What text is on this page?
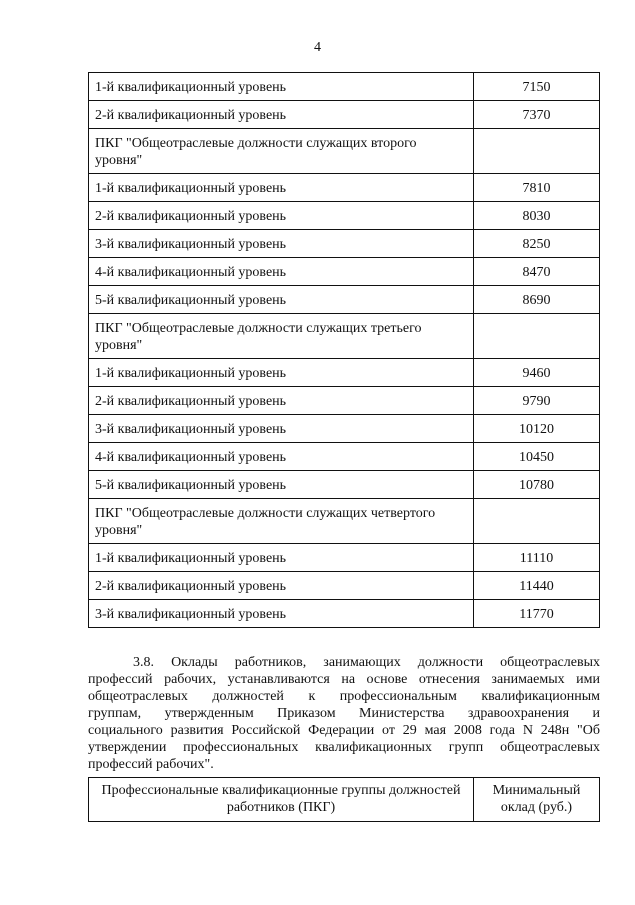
4
1-й квалификационный уровень	7150
2-й квалификационный уровень	7370
ПКГ "Общеотраслевые должности служащих второго уровня"	
1-й квалификационный уровень	7810
2-й квалификационный уровень	8030
3-й квалификационный уровень	8250
4-й квалификационный уровень	8470
5-й квалификационный уровень	8690
ПКГ "Общеотраслевые должности служащих третьего уровня"	
1-й квалификационный уровень	9460
2-й квалификационный уровень	9790
3-й квалификационный уровень	10120
4-й квалификационный уровень	10450
5-й квалификационный уровень	10780
ПКГ "Общеотраслевые должности служащих четвертого уровня"	
1-й квалификационный уровень	11110
2-й квалификационный уровень	11440
3-й квалификационный уровень	11770
3.8. Оклады работников, занимающих должности общеотраслевых
профессий рабочих, устанавливаются на основе отнесения занимаемых ими
общеотраслевых должностей к профессиональным квалификационным
группам, утвержденным Приказом Министерства здравоохранения и
социального развития Российской Федерации от 29 мая 2008 года N 248н "Об
утверждении профессиональных квалификационных групп общеотраслевых
профессий рабочих".
Профессиональные квалификационные группы должностей работников (ПКГ)	Минимальный оклад (руб.)
